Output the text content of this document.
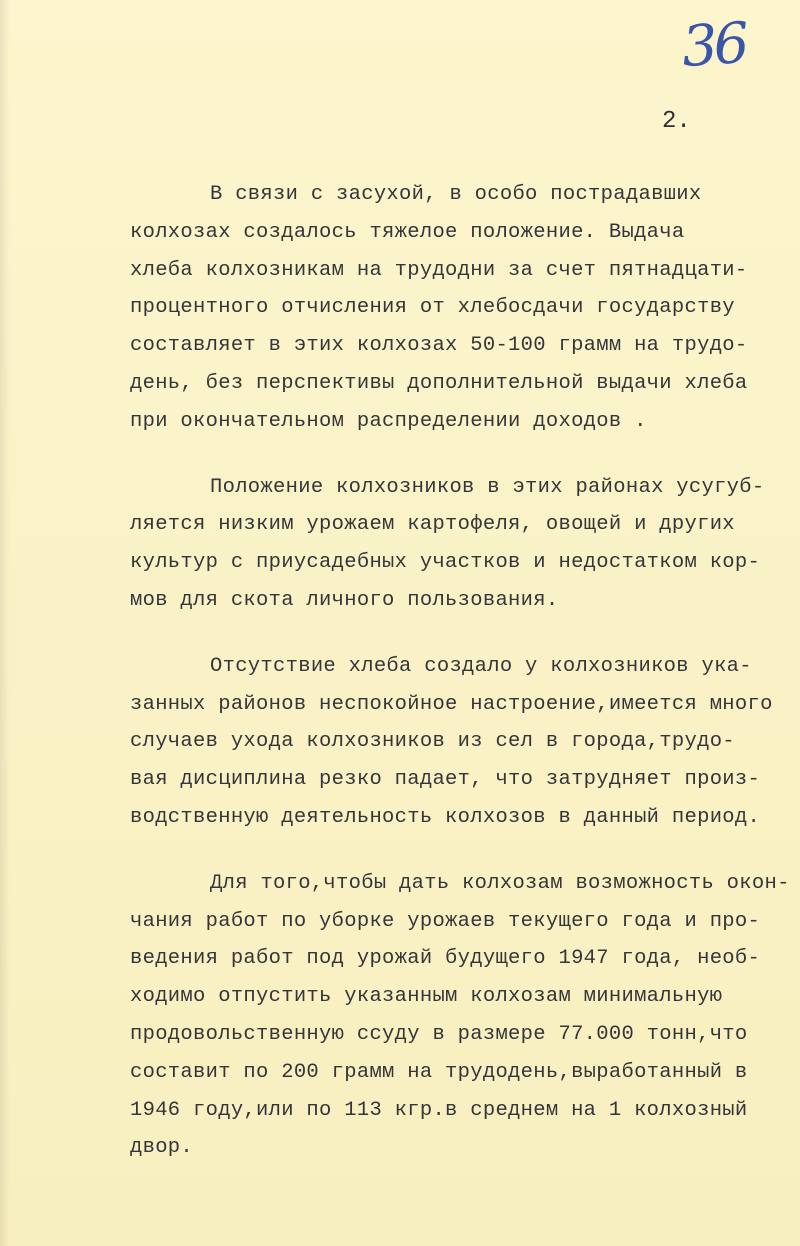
36
2.
В связи с засухой, в особо пострадавших
колхозах создалось тяжелое положение. Выдача
хлеба колхозникам на трудодни за счет пятнадцати-
процентного отчисления от хлебосдачи государству
составляет в этих колхозах 50-100 грамм на трудо-
день, без перспективы дополнительной выдачи хлеба
при окончательном распределении доходов .
Положение колхозников в этих районах усугуб-
ляется низким урожаем картофеля, овощей и других
культур с приусадебных участков и недостатком кор-
мов для скота личного пользования.
Отсутствие хлеба создало у колхозников ука-
занных районов неспокойное настроение,имеется много
случаев ухода колхозников из сел в города,трудо-
вая дисциплина резко падает, что затрудняет произ-
водственную деятельность колхозов в данный период.
Для того,чтобы дать колхозам возможность окон-
чания работ по уборке урожаев текущего года и про-
ведения работ под урожай будущего 1947 года, необ-
ходимо отпустить указанным колхозам минимальную
продовольственную ссуду в размере 77.000 тонн,что
составит по 200 грамм на трудодень,выработанный в
1946 году,или по 113 кгр.в среднем на 1 колхозный
двор.
